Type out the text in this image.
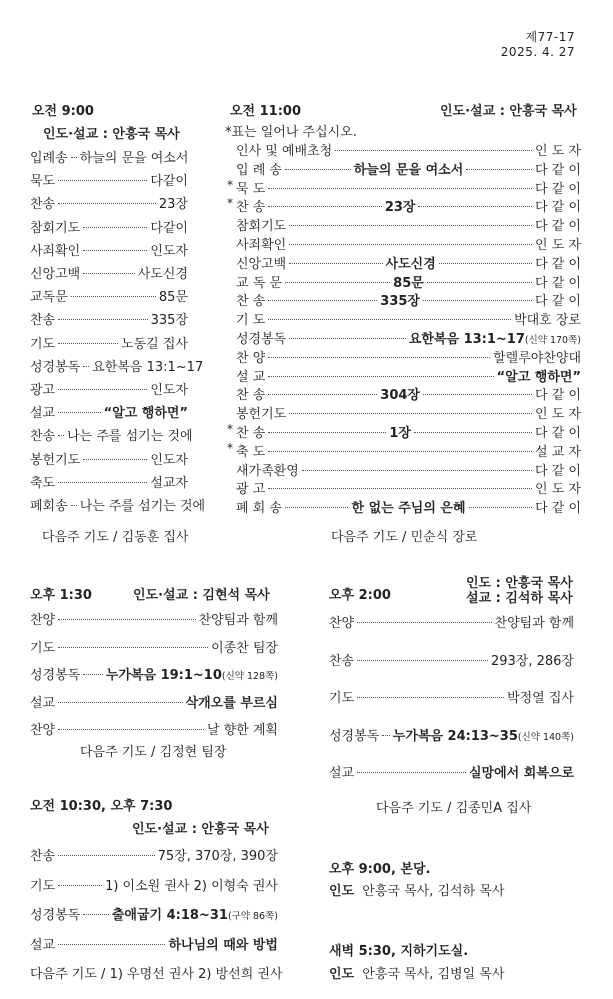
제77-17
2025. 4. 27
오전 9:00
인도·설교 : 안흥국 목사
입례송 하늘의 문을 여소서
묵도	다같이
찬송	23장
참회기도	다같이
사죄확인	인도자
신앙고백	사도신경
교독문	85문
찬송	335장
기도	노동길 집사
성경봉독 요한복음 13:1~17
광고	인도자
설교	“알고 행하면”
찬송 나는 주를 섬기는 것에
봉헌기도	인도자
축도	설교자
폐회송 나는 주를 섬기는 것에
다음주 기도 / 김동훈 집사
오전 11:00	인도·설교 : 안흥국 목사
*표는 일어나 주십시오.
인사 및 예배초청	인 도 자
입 례 송	하늘의 문을 여소서	다 같 이
* 묵 도	다 같 이
* 찬 송	23장	다 같 이
참회기도	다 같 이
사죄확인	인 도 자
신앙고백	사도신경	다 같 이
교 독 문	85문	다 같 이
찬 송	335장	다 같 이
기 도	박대호 장로
성경봉독	요한복음 13:1~17 (신약 170쪽)
찬 양	할렐루야찬양대
설 교	“알고 행하면”
찬 송	304장	다 같 이
봉헌기도	인 도 자
* 찬 송	1장	다 같 이
* 축 도	설 교 자
새가족환영	다 같 이
광 고	인 도 자
폐 회 송	한 없는 주님의 은혜	다 같 이
다음주 기도 / 민순식 장로
오후 1:30	인도·설교 : 김현석 목사
찬양	찬양팀과 함께
기도	이종찬 팀장
성경봉독 누가복음 19:1~10 (신약 128쪽)
설교	삭개오를 부르심
찬양	날 향한 계획
다음주 기도 / 김정현 팀장
오후 2:00
인도 : 안흥국 목사
설교 : 김석하 목사
찬양	찬양팀과 함께
찬송	293장, 286장
기도	박정열 집사
성경봉독 누가복음 24:13~35 (신약 140쪽)
설교	실망에서 회복으로
다음주 기도 / 김종민A 집사
오전 10:30, 오후 7:30
인도·설교 : 안흥국 목사
찬송	75장, 370장, 390장
기도	1) 이소원 권사 2) 이형숙 권사
성경봉독 출애굽기 4:18~31 (구약 86쪽)
설교	하나님의 때와 방법
다음주 기도 / 1) 우명선 권사 2) 방선희 권사
오후 9:00, 본당.
인도 안흥국 목사, 김석하 목사
새벽 5:30, 지하기도실.
인도 안흥국 목사, 김병일 목사
